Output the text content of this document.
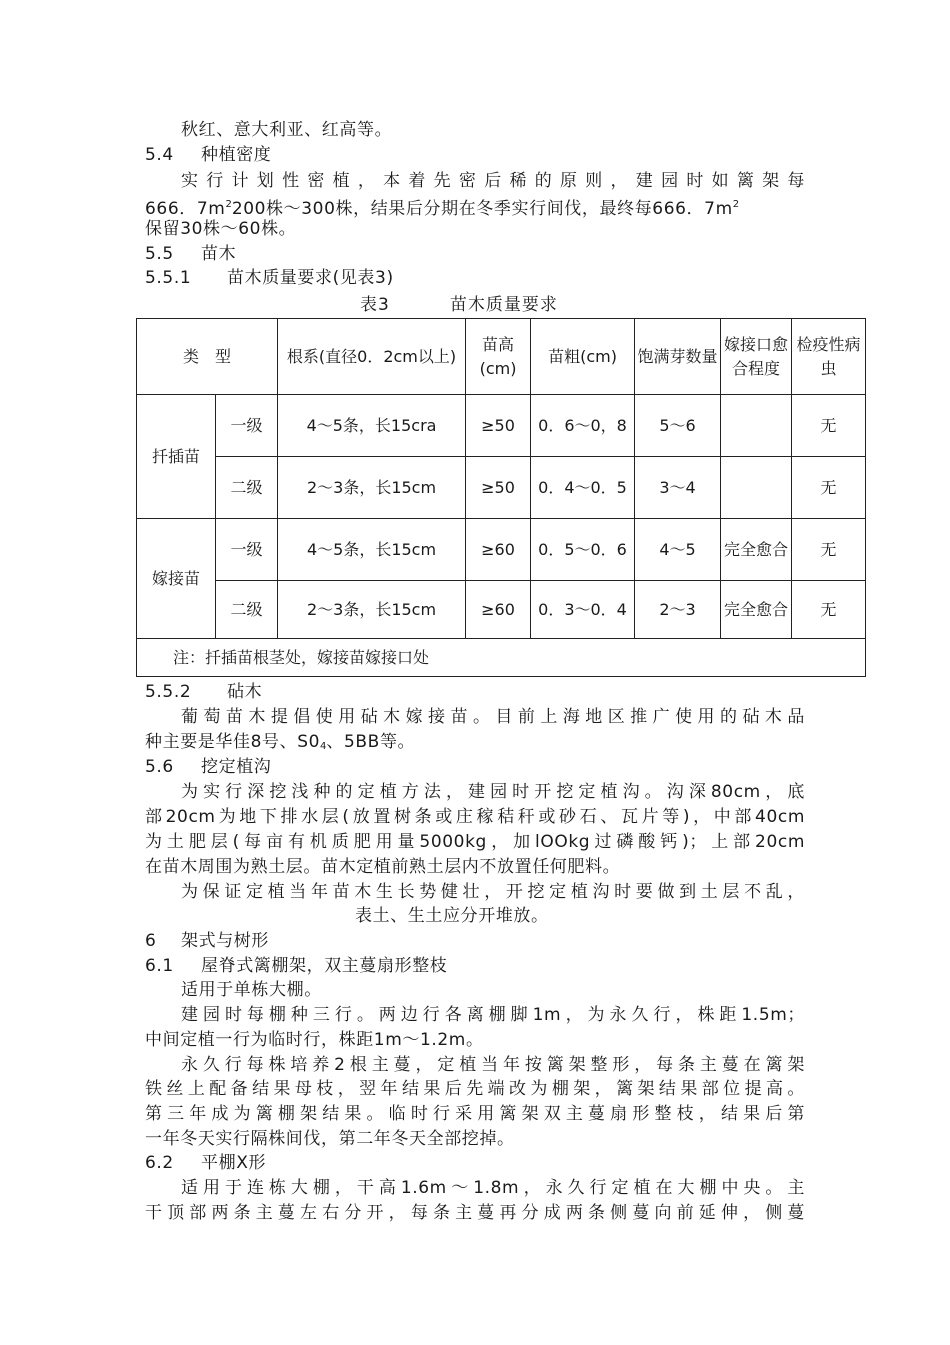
秋红、意大利亚、红高等。
5.4 种植密度
实行计划性密植，本着先密后稀的原则，建园时如篱架每
666．$7m^2200$株～300株，结果后分期在冬季实行间伐，最终每666．$7m^2$
保留30株～60株。
5.5 苗木
5.5.1 苗木质量要求(见表3)
表3	苗木质量要求
类　型		根系(直径0．2cm以上)	苗高(cm)	苗粗(cm)	饱满芽数量	嫁接口愈合程度	检疫性病虫
扦插苗	一级	4～5条，长15cra	≥50	0．6～0，8	5～6		无
	二级	2～3条，长15cm	≥50	0．4～0．5	3～4		无
嫁接苗	一级	4～5条，长15cm	≥60	0．5～0．6	4～5	完全愈合	无
	二级	2～3条，长15cm	≥60	0．3～0．4	2～3	完全愈合	无
注：扦插苗根茎处，嫁接苗嫁接口处							
5.5.2 砧木
葡萄苗木提倡使用砧木嫁接苗。目前上海地区推广使用的砧木品
种主要是华佳8号、$S0_4$、5BB等。
5.6 挖定植沟
为实行深挖浅种的定植方法，建园时开挖定植沟。沟深80cm，底
部20cm为地下排水层(放置树条或庄稼秸秆或砂石、瓦片等)，中部40cm
为土肥层(每亩有机质肥用量5000kg，加lOOkg过磷酸钙)；上部20cm
在苗木周围为熟土层。苗木定植前熟土层内不放置任何肥料。
为保证定植当年苗木生长势健壮，开挖定植沟时要做到土层不乱，
表土、生土应分开堆放。
6 架式与树形
6.1 屋脊式篱棚架，双主蔓扇形整枝
适用于单栋大棚。
建园时每棚种三行。两边行各离棚脚1m，为永久行，株距1.5m；
中间定植一行为临时行，株距1m～1.2m。
永久行每株培养2根主蔓，定植当年按篱架整形，每条主蔓在篱架
铁丝上配备结果母枝，翌年结果后先端改为棚架，篱架结果部位提高。
第三年成为篱棚架结果。临时行采用篱架双主蔓扇形整枝，结果后第
一年冬天实行隔株间伐，第二年冬天全部挖掉。
6.2 平棚X形
适用于连栋大棚，干高1.6m～1.8m，永久行定植在大棚中央。主
干顶部两条主蔓左右分开，每条主蔓再分成两条侧蔓向前延伸，侧蔓
